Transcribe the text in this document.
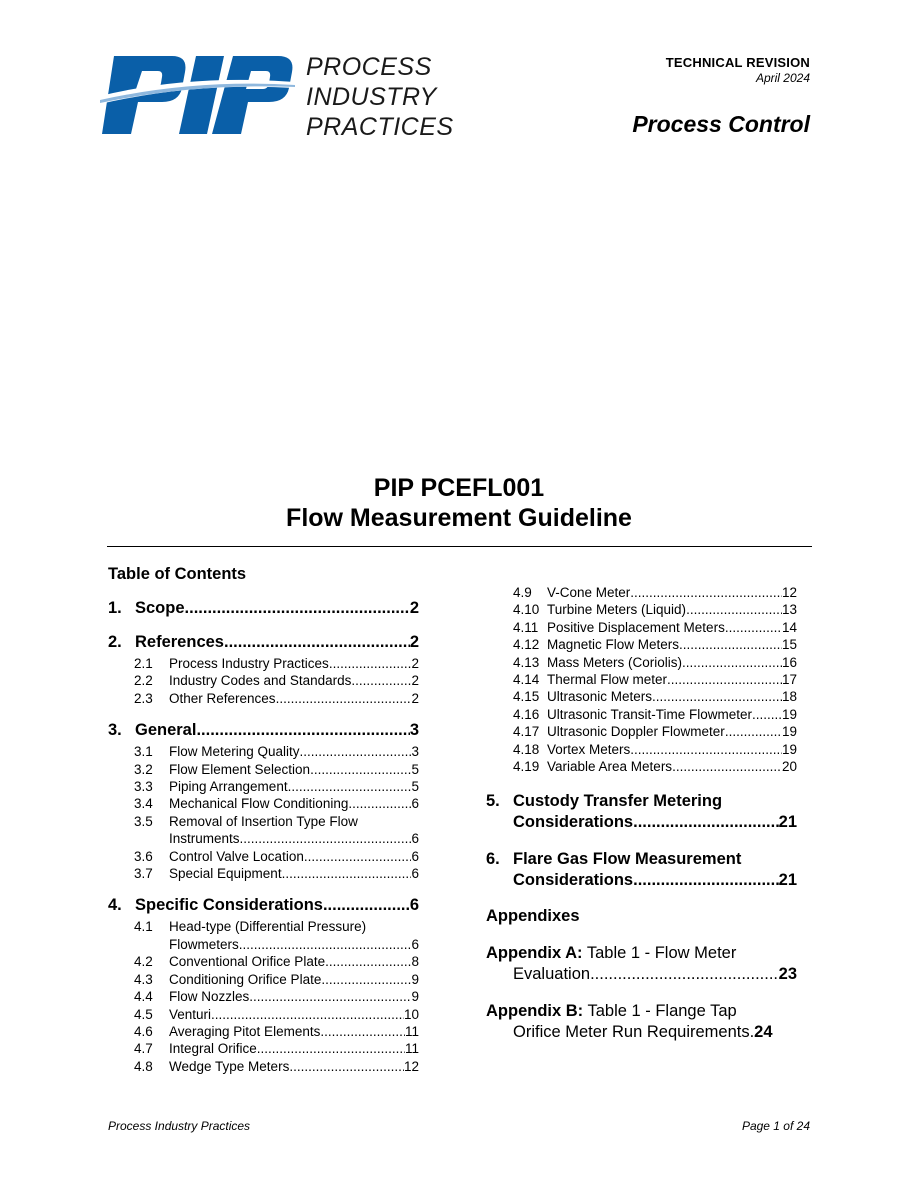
PROCESS
INDUSTRY
PRACTICES
TECHNICAL REVISION
April 2024
Process Control
PIP PCEFL001
Flow Measurement Guideline
Table of Contents
1. Scope .....	2
2. References .....	2
2.1 Process Industry Practices .....	2
2.2 Industry Codes and Standards .....	2
2.3 Other References .....	2
3. General .....	3
3.1 Flow Metering Quality .....	3
3.2 Flow Element Selection .....	5
3.3 Piping Arrangement .....	5
3.4 Mechanical Flow Conditioning .....	6
3.5 Removal of Insertion Type Flow
Instruments .....	6
3.6 Control Valve Location .....	6
3.7 Special Equipment .....	6
4. Specific Considerations .....	6
4.1 Head-type (Differential Pressure)
Flowmeters .....	6
4.2 Conventional Orifice Plate .....	8
4.3 Conditioning Orifice Plate .....	9
4.4 Flow Nozzles .....	9
4.5 Venturi .....	10
4.6 Averaging Pitot Elements .....	11
4.7 Integral Orifice .....	11
4.8 Wedge Type Meters .....	12
4.9 V-Cone Meter .....	12
4.10 Turbine Meters (Liquid) .....	13
4.11 Positive Displacement Meters .....	14
4.12 Magnetic Flow Meters .....	15
4.13 Mass Meters (Coriolis) .....	16
4.14 Thermal Flow meter .....	17
4.15 Ultrasonic Meters .....	18
4.16 Ultrasonic Transit-Time Flowmeter ..... 19
4.17 Ultrasonic Doppler Flowmeter .....	19
4.18 Vortex Meters .....	19
4.19 Variable Area Meters .....	20
5. Custody Transfer Metering
Considerations .....	21
6. Flare Gas Flow Measurement
Considerations .....	21
Appendixes
Appendix A: Table 1 - Flow Meter
Evaluation .....	23
Appendix B: Table 1 - Flange Tap
Orifice Meter Run Requirements. 24
Process Industry Practices	Page 1 of 24
